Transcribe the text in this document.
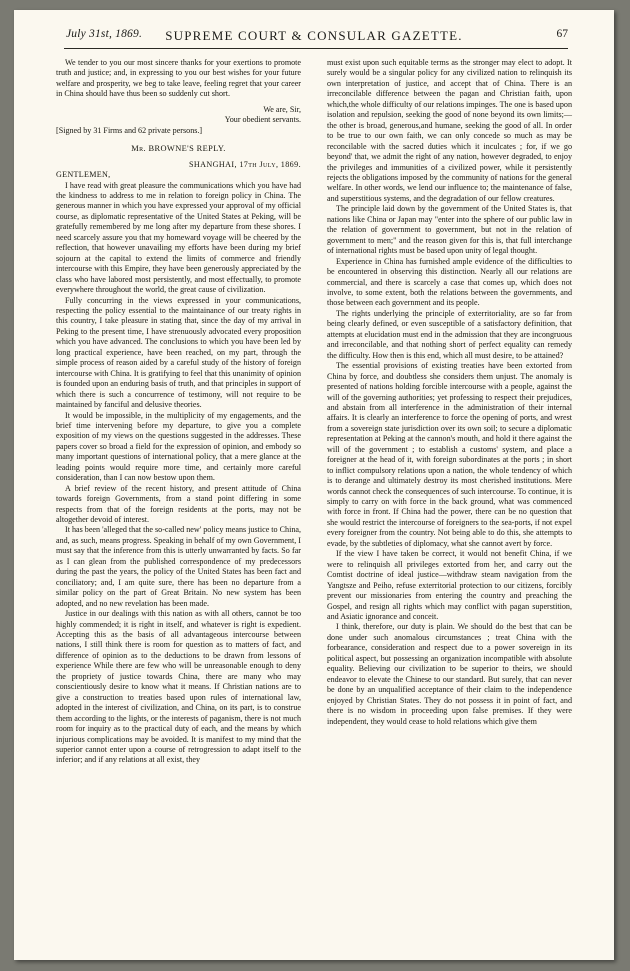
July 31st, 1869.	SUPREME COURT & CONSULAR GAZETTE.	67

We tender to you our most sincere thanks for your exertions to promote truth and justice; and, in expressing to you our best wishes for your future welfare and prosperity, we beg to take leave, feeling regret that your career in China should have thus been so suddenly cut short.

We are, Sir,

Your obedient servants.

[Signed by 31 Firms and 62 private persons.]

Mr. BROWNE'S REPLY.

SHANGHAI, 17th July, 1869.

GENTLEMEN,

I have read with great pleasure the communications which you have had the kindness to address to me in relation to foreign policy in China. The generous manner in which you have expressed your approval of my official course, as diplomatic representative of the United States at Peking, will be gratefully remembered by me long after my departure from these shores. I need scarcely assure you that my homeward voyage will be cheered by the reflection, that however unavailing my efforts have been during my brief sojourn at the capital to extend the limits of commerce and friendly intercourse with this Empire, they have been generously appreciated by the class who have labored most persistently, and most effectually, to promote everywhere throughout the world, the great cause of civilization.

Fully concurring in the views expressed in your communications, respecting the policy essential to the maintainance of our treaty rights in this country, I take pleasure in stating that, since the day of my arrival in Peking to the present time, I have strenuously advocated every proposition which you have advanced. The conclusions to which you have been led by long practical experience, have been reached, on my part, through the simple process of reason aided by a careful study of the history of foreign intercourse with China. It is gratifying to feel that this unanimity of opinion is founded upon an enduring basis of truth, and that principles in support of which there is such a concurrence of testimony, will not require to be maintained by fanciful and delusive theories.

It would be impossible, in the multiplicity of my engagements, and the brief time intervening before my departure, to give you a complete exposition of my views on the questions suggested in the addresses. These papers cover so broad a field for the expression of opinion, and embody so many important questions of international policy, that a mere glance at the leading points would require more time, and certainly more careful consideration, than I can now bestow upon them.

A brief review of the recent history, and present attitude of China towards foreign Governments, from a stand point differing in some respects from that of the foreign residents at the ports, may not be altogether devoid of interest.

It has been 'alleged that the so-called new' policy means justice to China, and, as such, means progress. Speaking in behalf of my own Government, I must say that the inference from this is utterly unwarranted by facts. So far as I can glean from the published correspondence of my predecessors during the past the years, the policy of the United States has been fact and conciliatory; and, I am quite sure, there has been no departure from a similar policy on the part of Great Britain. No new system has been adopted, and no new revelation has been made.

Justice in our dealings with this nation as with all others, cannot be too highly commended; it is right in itself, and whatever is right is expedient. Accepting this as the basis of all advantageous intercourse between nations, I still think there is room for question as to matters of fact, and difference of opinion as to the deductions to be drawn from lessons of experience While there are few who will be unreasonable enough to deny the propriety of justice towards China, there are many who may conscientiously desire to know what it means. If Christian nations are to give a construction to treaties based upon rules of international law, adopted in the interest of civilization, and China, on its part, is to construe them according to the lights, or the interests of paganism, there is not much room for inquiry as to the practical duty of each, and the means by which injurious complications may be avoided. It is manifest to my mind that the superior cannot enter upon a course of retrogression to adapt itself to the inferior; and if any relations at all exist, they

must exist upon such equitable terms as the stronger may elect to adopt. It surely would be a singular policy for any civilized nation to relinquish its own interpretation of justice, and accept that of China. There is an irreconcilable difference between the pagan and Christian faith, upon which,the whole difficulty of our relations impinges. The one is based upon isolation and repulsion, seeking the good of none beyond its own limits;—the other is broad, generous,and humane, seeking the good of all. In order to be true to our own faith, we can only concede so much as may be reconcilable with the sacred duties which it inculcates ; for, if we go beyond' that, we admit the right of any nation, however degraded, to enjoy the privileges and immunities of a civilized power, while it persistently rejects the obligations imposed by the community of nations for the general welfare. In other words, we lend our influence to; the maintenance of false, and superstitious systems, and the degradation of our fellow creatures.

The principle laid down by the government of the United States is, that nations like China or Japan may "enter into the sphere of our public law in the relation of government to government, but not in the relation of government to men;" and the reason given for this is, that full interchange of international rights must be based upon unity of legal thought.

Experience in China has furnished ample evidence of the difficulties to be encountered in observing this distinction. Nearly all our relations are commercial, and there is scarcely a case that comes up, which does not involve, to some extent, both the relations between the governments, and those between each government and its people.

The rights underlying the principle of exterritoriality, are so far from being clearly defined, or even susceptible of a satisfactory definition, that attempts at elucidation must end in the admission that they are incongruous and irreconcilable, and that nothing short of perfect equality can remedy the difficulty. How then is this end, which all must desire, to be attained?

The essential provisions of existing treaties have been extorted from China by force, and doubtless she considers them unjust. The anomaly is presented of nations holding forcible intercourse with a people, against the will of the governing authorities; yet professing to respect their prejudices, and abstain from all interference in the administration of their internal affairs. It is clearly an interference to force the opening of ports, and wrest from a sovereign state jurisdiction over its own soil; to secure a diplomatic representation at Peking at the cannon's mouth, and hold it there against the will of the government ; to establish a customs' system, and place a foreigner at the head of it, with foreign subordinates at the ports ; in short to inflict compulsory relations upon a nation, the whole tendency of which is to derange and ultimately destroy its most cherished institutions. Mere words cannot check the consequences of such intercourse. To continue, it is simply to carry on with force in the back ground, what was commenced with force in front. If China had the power, there can be no question that she would restrict the intercourse of foreigners to the sea-ports, if not expel every foreigner from the country. Not being able to do this, she attempts to evade, by the subtleties of diplomacy, what she cannot avert by force.

If the view I have taken be correct, it would not benefit China, if we were to relinquish all privileges extorted from her, and carry out the Comtist doctrine of ideal justice—withdraw steam navigation from the Yangtsze and Peiho, refuse exterritorial protection to our citizens, forcibly prevent our missionaries from entering the country and preaching the Gospel, and resign all rights which may conflict with pagan superstition, and Asiatic ignorance and conceit.

I think, therefore, our duty is plain. We should do the best that can be done under such anomalous circumstances ; treat China with the forbearance, consideration and respect due to a power sovereign in its political aspect, but possessing an organization incompatible with absolute equality. Believing our civilization to be superior to theirs, we should endeavor to elevate the Chinese to our standard. But surely, that can never be done by an unqualified acceptance of their claim to the independence enjoyed by Christian States. They do not possess it in point of fact, and there is no wisdom in proceeding upon false premises. If they were independent, they would cease to hold relations which give them
